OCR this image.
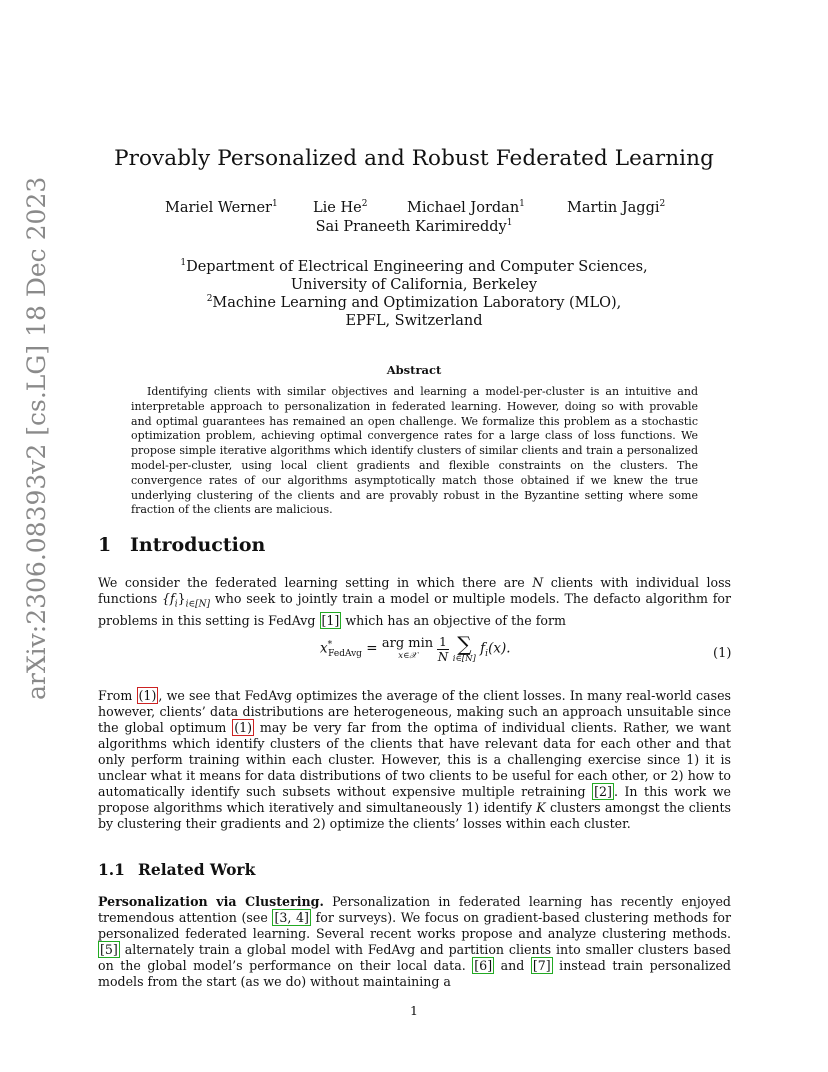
arXiv:2306.08393v2 [cs.LG] 18 Dec 2023
Provably Personalized and Robust Federated Learning
Mariel Werner$^1$ Lie He$^2$	Michael Jordan$^1$	Martin Jaggi$^2$
Sai Praneeth Karimireddy$^1$
$^1$Department of Electrical Engineering and Computer Sciences,
University of California, Berkeley
$^2$Machine Learning and Optimization Laboratory (MLO),
EPFL, Switzerland
Abstract
Identifying clients with similar objectives and learning a model-per-cluster is an intuitive and interpretable approach to personalization in federated learning. However, doing so with provable and optimal guarantees has remained an open challenge. We formalize this problem as a stochastic optimization problem, achieving optimal convergence rates for a large class of loss functions. We propose simple iterative algorithms which identify clusters of similar clients and train a personalized model-per-cluster, using local client gradients and flexible constraints on the clusters. The convergence rates of our algorithms asymptotically match those obtained if we knew the true underlying clustering of the clients and are provably robust in the Byzantine setting where some fraction of the clients are malicious.
1 Introduction
We consider the federated learning setting in which there are N clients with individual loss functions $\{f_i\}_{i\in[N]}$ who seek to jointly train a model or multiple models. The defacto algorithm for problems in this setting is FedAvg [1] which has an objective of the form
$x^*_{FedAvg}$ = arg min
x∈𝒳	$\frac{1}{N}$ ∑
i∈[N]
$f_i(x)$.	(1)
From (1) , we see that FedAvg optimizes the average of the client losses. In many real-world cases however, clients’ data distributions are heterogeneous, making such an approach unsuitable since the global optimum (1) may be very far from the optima of individual clients. Rather, we want algorithms which identify clusters of the clients that have relevant data for each other and that only perform training within each cluster. However, this is a challenging exercise since 1) it is unclear what it means for data distributions of two clients to be useful for each other, or 2) how to automatically identify such subsets without expensive multiple retraining [2] . In this work we propose algorithms which iteratively and simultaneously 1) identify K clusters amongst the clients by clustering their gradients and 2) optimize the clients’ losses within each cluster.
1.1 Related Work
Personalization via Clustering. Personalization in federated learning has recently enjoyed tremendous attention (see [3, 4] for surveys). We focus on gradient-based clustering methods for personalized federated learning. Several recent works propose and analyze clustering methods. [5] alternately train a global model with FedAvg and partition clients into smaller clusters based on the global model’s performance on their local data. [6] and [7] instead train personalized models from the start (as we do) without maintaining a
1
